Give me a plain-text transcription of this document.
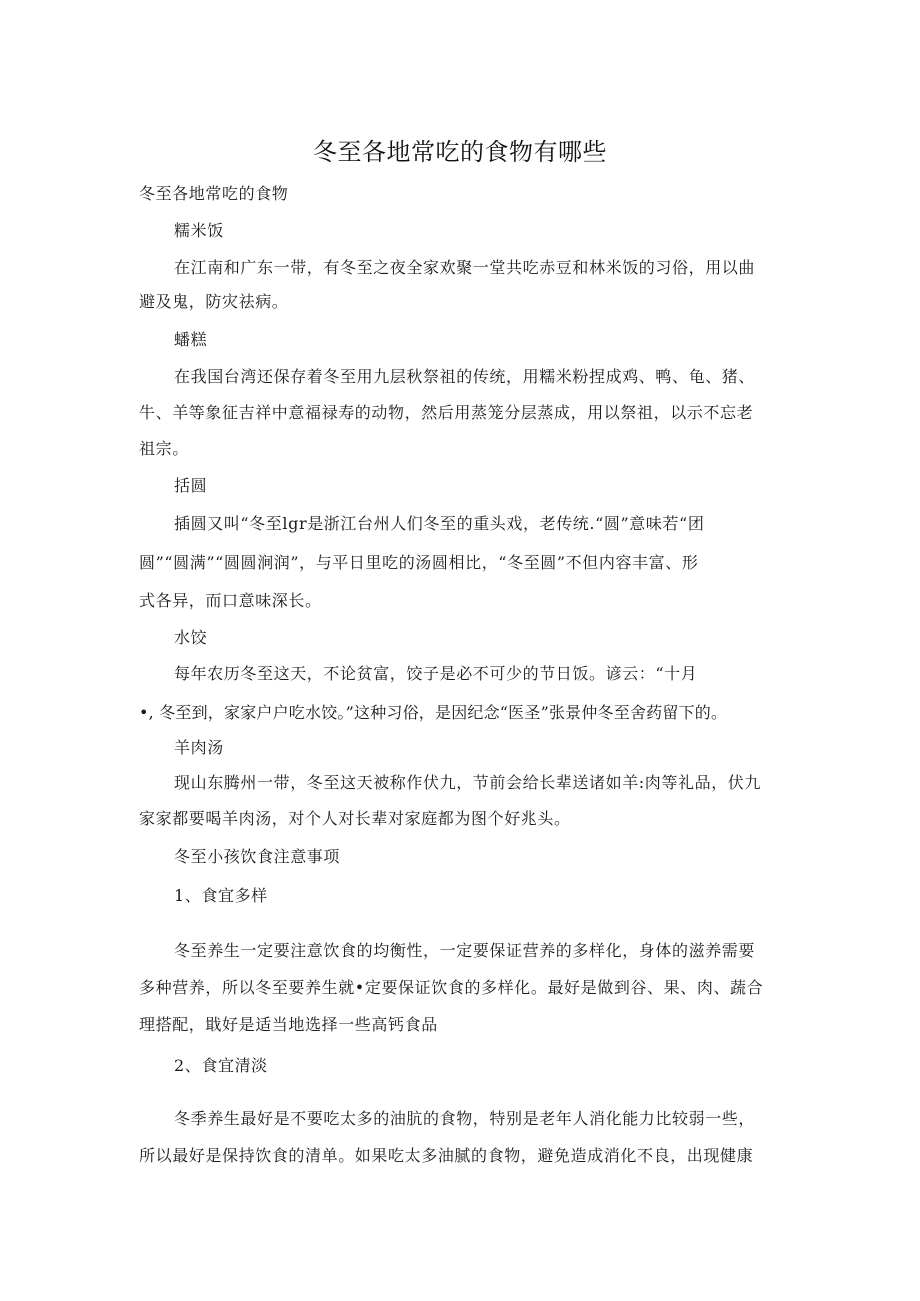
冬至各地常吃的食物有哪些
冬至各地常吃的食物
糯米饭
在江南和广东一带，有冬至之夜全家欢聚一堂共吃赤豆和林米饭的习俗，用以曲
避及鬼，防灾祛病。
蟠糕
在我国台湾还保存着冬至用九层秋祭祖的传统，用糯米粉捏成鸡、鸭、龟、猪、
牛、羊等象征吉祥中意福禄寿的动物，然后用蒸笼分层蒸成，用以祭祖，以示不忘老
祖宗。
括圆
插圆又叫“冬至lgr是浙江台州人们冬至的重头戏，老传统.“圆”意味若“团
圆”“圆满”“圆圆涧润”，与平日里吃的汤圆相比，“冬至圆”不但内容丰富、形
式各异，而口意味深长。
水饺
每年农历冬至这天，不论贫富，饺子是必不可少的节日饭。谚云：“十月
•, 冬至到，家家户户吃水饺。”这种习俗，是因纪念“医圣”张景仲冬至舍药留下的。
羊肉汤
现山东腾州一带，冬至这天被称作伏九，节前会给长辈送诸如羊:肉等礼品，伏九
家家都要喝羊肉汤，对个人对长辈对家庭都为图个好兆头。
冬至小孩饮食注意事项
1、食宜多样
冬至养生一定要注意饮食的均衡性，一定要保证营养的多样化，身体的滋养需要
多种营养，所以冬至要养生就•定要保证饮食的多样化。最好是做到谷、果、肉、蔬合
理搭配，戢好是适当地选择一些高钙食品
2、食宜清淡
冬季养生最好是不要吃太多的油肮的食物，特别是老年人消化能力比较弱一些，
所以最好是保持饮食的清单。如果吃太多油腻的食物，避免造成消化不良，出现健康
